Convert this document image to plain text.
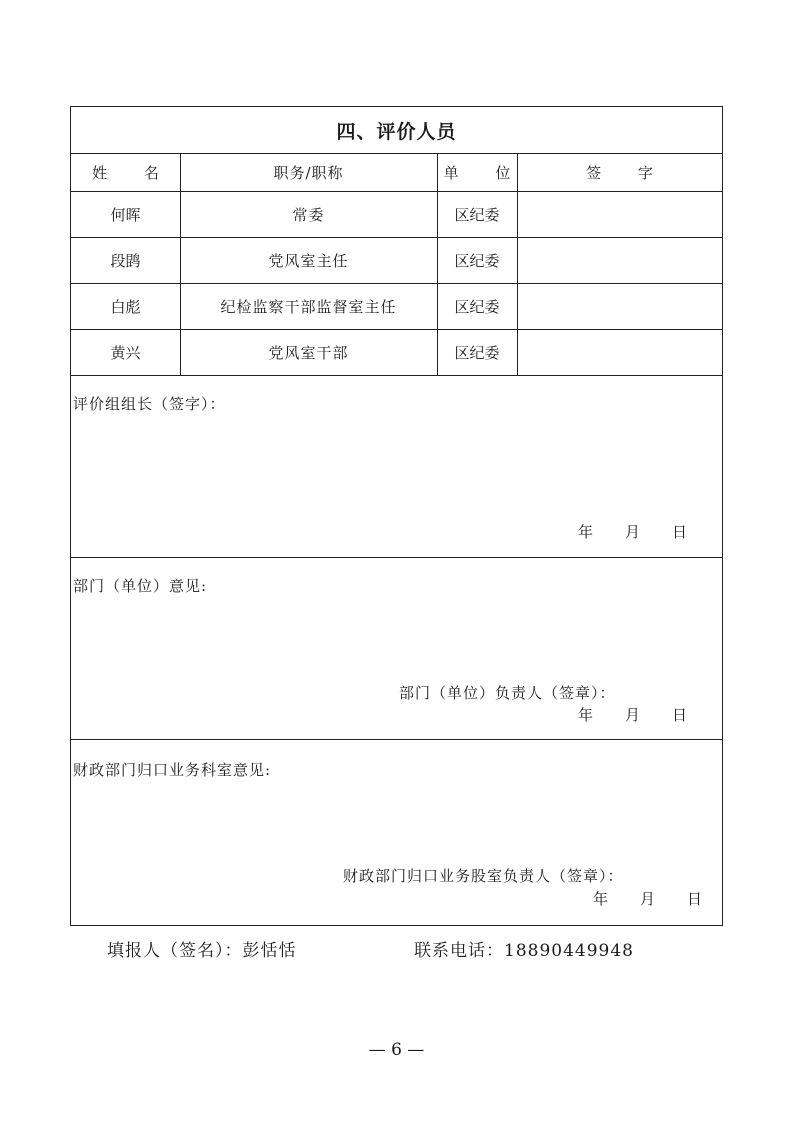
四、评价人员
姓 名	职务/职称	单 位	签 字
何晖	常委	区纪委
段鹍	党风室主任	区纪委
白彪	纪检监察干部监督室主任	区纪委
黄兴	党风室干部	区纪委
评价组组长（签字）：
年 月 日
部门（单位）意见:
部门（单位）负责人（签章）：
年 月 日
财政部门归口业务科室意见:
财政部门归口业务股室负责人（签章）：
年 月 日
填报人（签名）：彭恬恬	联系电话：18890449948
— 6 —
